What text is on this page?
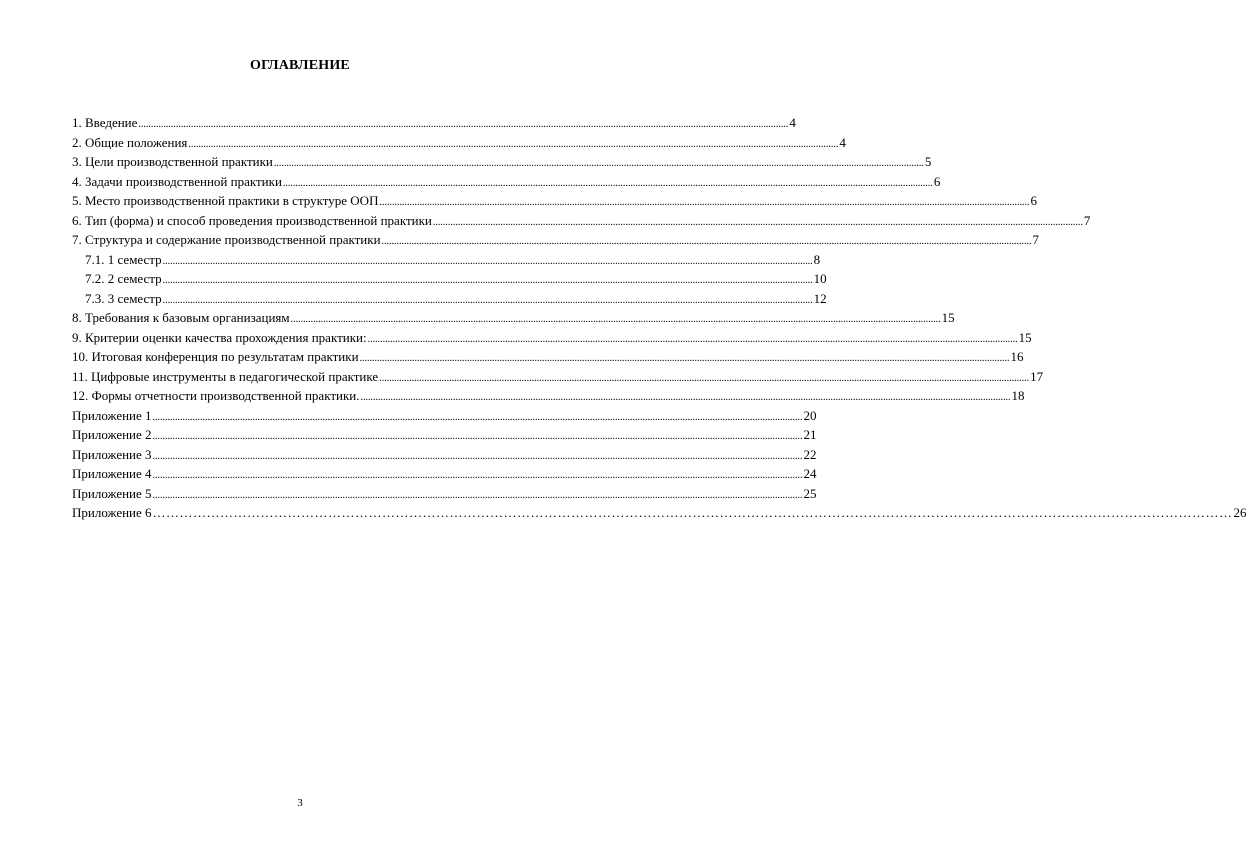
ОГЛАВЛЕНИЕ
1. Введение .................................................................................................................................................................................................................................................................... 4
2. Общие положения .................................................................................................................................................................................................................................................................... 4
3. Цели производственной практики .................................................................................................................................................................................................................................................................... 5
4. Задачи производственной практики .................................................................................................................................................................................................................................................................... 6
5. Место производственной практики в структуре ООП .................................................................................................................................................................................................................................................................... 6
6. Тип (форма) и способ проведения производственной практики .................................................................................................................................................................................................................................................................... 7
7. Структура и содержание производственной практики .................................................................................................................................................................................................................................................................... 7
7.1. 1 семестр .................................................................................................................................................................................................................................................................... 8
7.2. 2 семестр .................................................................................................................................................................................................................................................................... 10
7.3. 3 семестр .................................................................................................................................................................................................................................................................... 12
8. Требования к базовым организациям .................................................................................................................................................................................................................................................................... 15
9. Критерии оценки качества прохождения практики: .................................................................................................................................................................................................................................................................... 15
10. Итоговая конференция по результатам практики .................................................................................................................................................................................................................................................................... 16
11. Цифровые инструменты в педагогической практике .................................................................................................................................................................................................................................................................... 17
12. Формы отчетности производственной практики. .................................................................................................................................................................................................................................................................... 18
Приложение 1 .................................................................................................................................................................................................................................................................... 20
Приложение 2 .................................................................................................................................................................................................................................................................... 21
Приложение 3 .................................................................................................................................................................................................................................................................... 22
Приложение 4 .................................................................................................................................................................................................................................................................... 24
Приложение 5 .................................................................................................................................................................................................................................................................... 25
Приложение 6 …………………………………………………………………………………………………………………………………………………………………………………………………………………… 26
3
